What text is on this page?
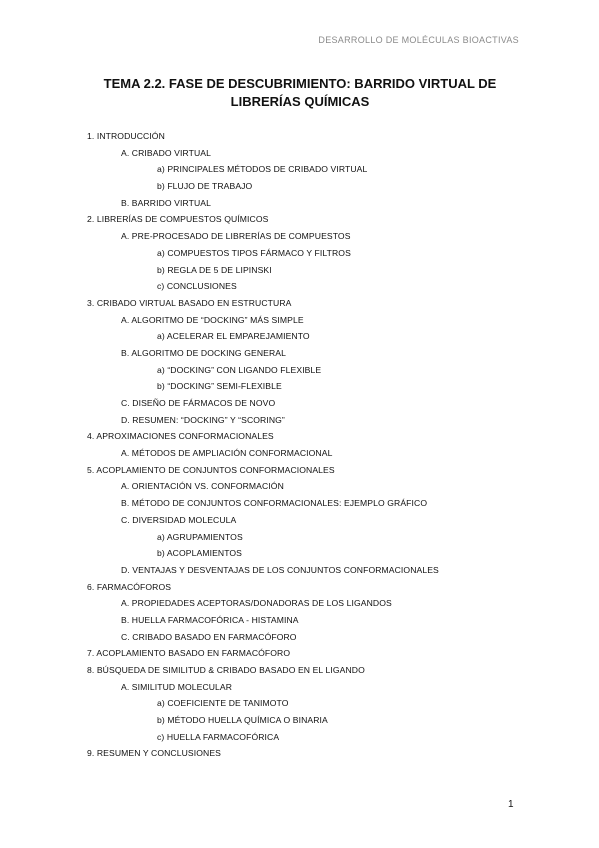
DESARROLLO DE MOLÉCULAS BIOACTIVAS
TEMA 2.2. FASE DE DESCUBRIMIENTO: BARRIDO VIRTUAL DE LIBRERÍAS QUÍMICAS
1. INTRODUCCIÓN
A. CRIBADO VIRTUAL
a) PRINCIPALES MÉTODOS DE CRIBADO VIRTUAL
b) FLUJO DE TRABAJO
B. BARRIDO VIRTUAL
2. LIBRERÍAS DE COMPUESTOS QUÍMICOS
A. PRE-PROCESADO DE LIBRERÍAS DE COMPUESTOS
a) COMPUESTOS TIPOS FÁRMACO Y FILTROS
b) REGLA DE 5 DE LIPINSKI
c) CONCLUSIONES
3. CRIBADO VIRTUAL BASADO EN ESTRUCTURA
A. ALGORITMO DE “DOCKING” MÁS SIMPLE
a) ACELERAR EL EMPAREJAMIENTO
B. ALGORITMO DE DOCKING GENERAL
a) “DOCKING” CON LIGANDO FLEXIBLE
b) “DOCKING” SEMI-FLEXIBLE
C. DISEÑO DE FÁRMACOS DE NOVO
D. RESUMEN: “DOCKING” Y “SCORING”
4. APROXIMACIONES CONFORMACIONALES
A. MÉTODOS DE AMPLIACIÓN CONFORMACIONAL
5. ACOPLAMIENTO DE CONJUNTOS CONFORMACIONALES
A. ORIENTACIÓN VS. CONFORMACIÓN
B. MÉTODO DE CONJUNTOS CONFORMACIONALES: EJEMPLO GRÁFICO
C. DIVERSIDAD MOLECULA
a) AGRUPAMIENTOS
b) ACOPLAMIENTOS
D. VENTAJAS Y DESVENTAJAS DE LOS CONJUNTOS CONFORMACIONALES
6. FARMACÓFOROS
A. PROPIEDADES ACEPTORAS/DONADORAS DE LOS LIGANDOS
B. HUELLA FARMACOFÓRICA - HISTAMINA
C. CRIBADO BASADO EN FARMACÓFORO
7. ACOPLAMIENTO BASADO EN FARMACÓFORO
8. BÚSQUEDA DE SIMILITUD & CRIBADO BASADO EN EL LIGANDO
A. SIMILITUD MOLECULAR
a) COEFICIENTE DE TANIMOTO
b) MÉTODO HUELLA QUÍMICA O BINARIA
c) HUELLA FARMACOFÓRICA
9. RESUMEN Y CONCLUSIONES
1
